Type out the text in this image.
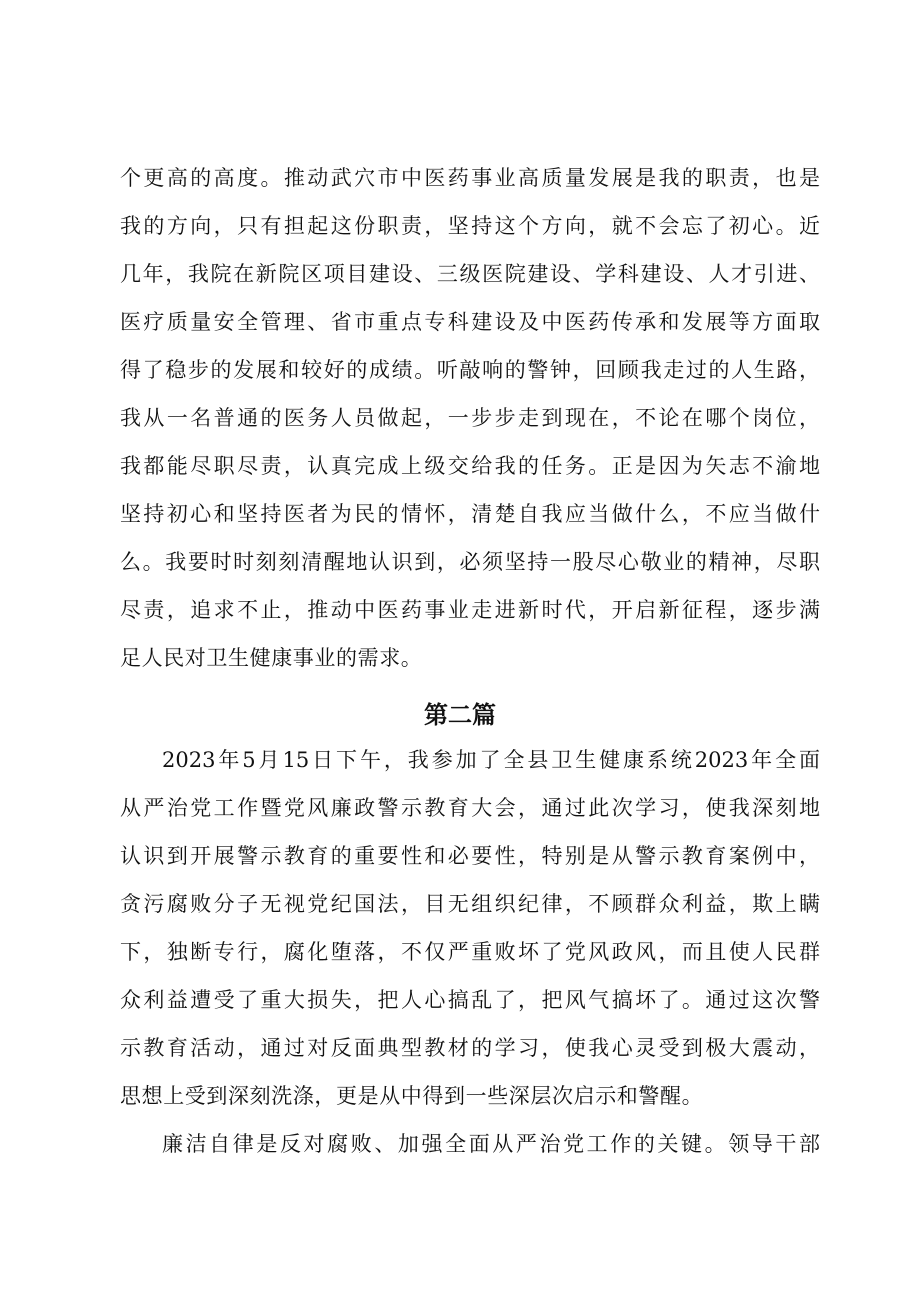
个更高的高度。推动武穴市中医药事业高质量发展是我的职责，也是
我的方向，只有担起这份职责，坚持这个方向，就不会忘了初心。近
几年，我院在新院区项目建设、三级医院建设、学科建设、人才引进、
医疗质量安全管理、省市重点专科建设及中医药传承和发展等方面取
得了稳步的发展和较好的成绩。听敲响的警钟，回顾我走过的人生路，
我从一名普通的医务人员做起，一步步走到现在，不论在哪个岗位，
我都能尽职尽责，认真完成上级交给我的任务。正是因为矢志不渝地
坚持初心和坚持医者为民的情怀，清楚自我应当做什么，不应当做什
么。我要时时刻刻清醒地认识到，必须坚持一股尽心敬业的精神，尽职
尽责，追求不止，推动中医药事业走进新时代，开启新征程，逐步满
足人民对卫生健康事业的需求。
第二篇
2023年5月15日下午，我参加了全县卫生健康系统2023年全面
从严治党工作暨党风廉政警示教育大会，通过此次学习，使我深刻地
认识到开展警示教育的重要性和必要性，特别是从警示教育案例中，
贪污腐败分子无视党纪国法，目无组织纪律，不顾群众利益，欺上瞒
下，独断专行，腐化堕落，不仅严重败坏了党风政风，而且使人民群
众利益遭受了重大损失，把人心搞乱了，把风气搞坏了。通过这次警
示教育活动，通过对反面典型教材的学习，使我心灵受到极大震动，
思想上受到深刻洗涤，更是从中得到一些深层次启示和警醒。
廉洁自律是反对腐败、加强全面从严治党工作的关键。领导干部
